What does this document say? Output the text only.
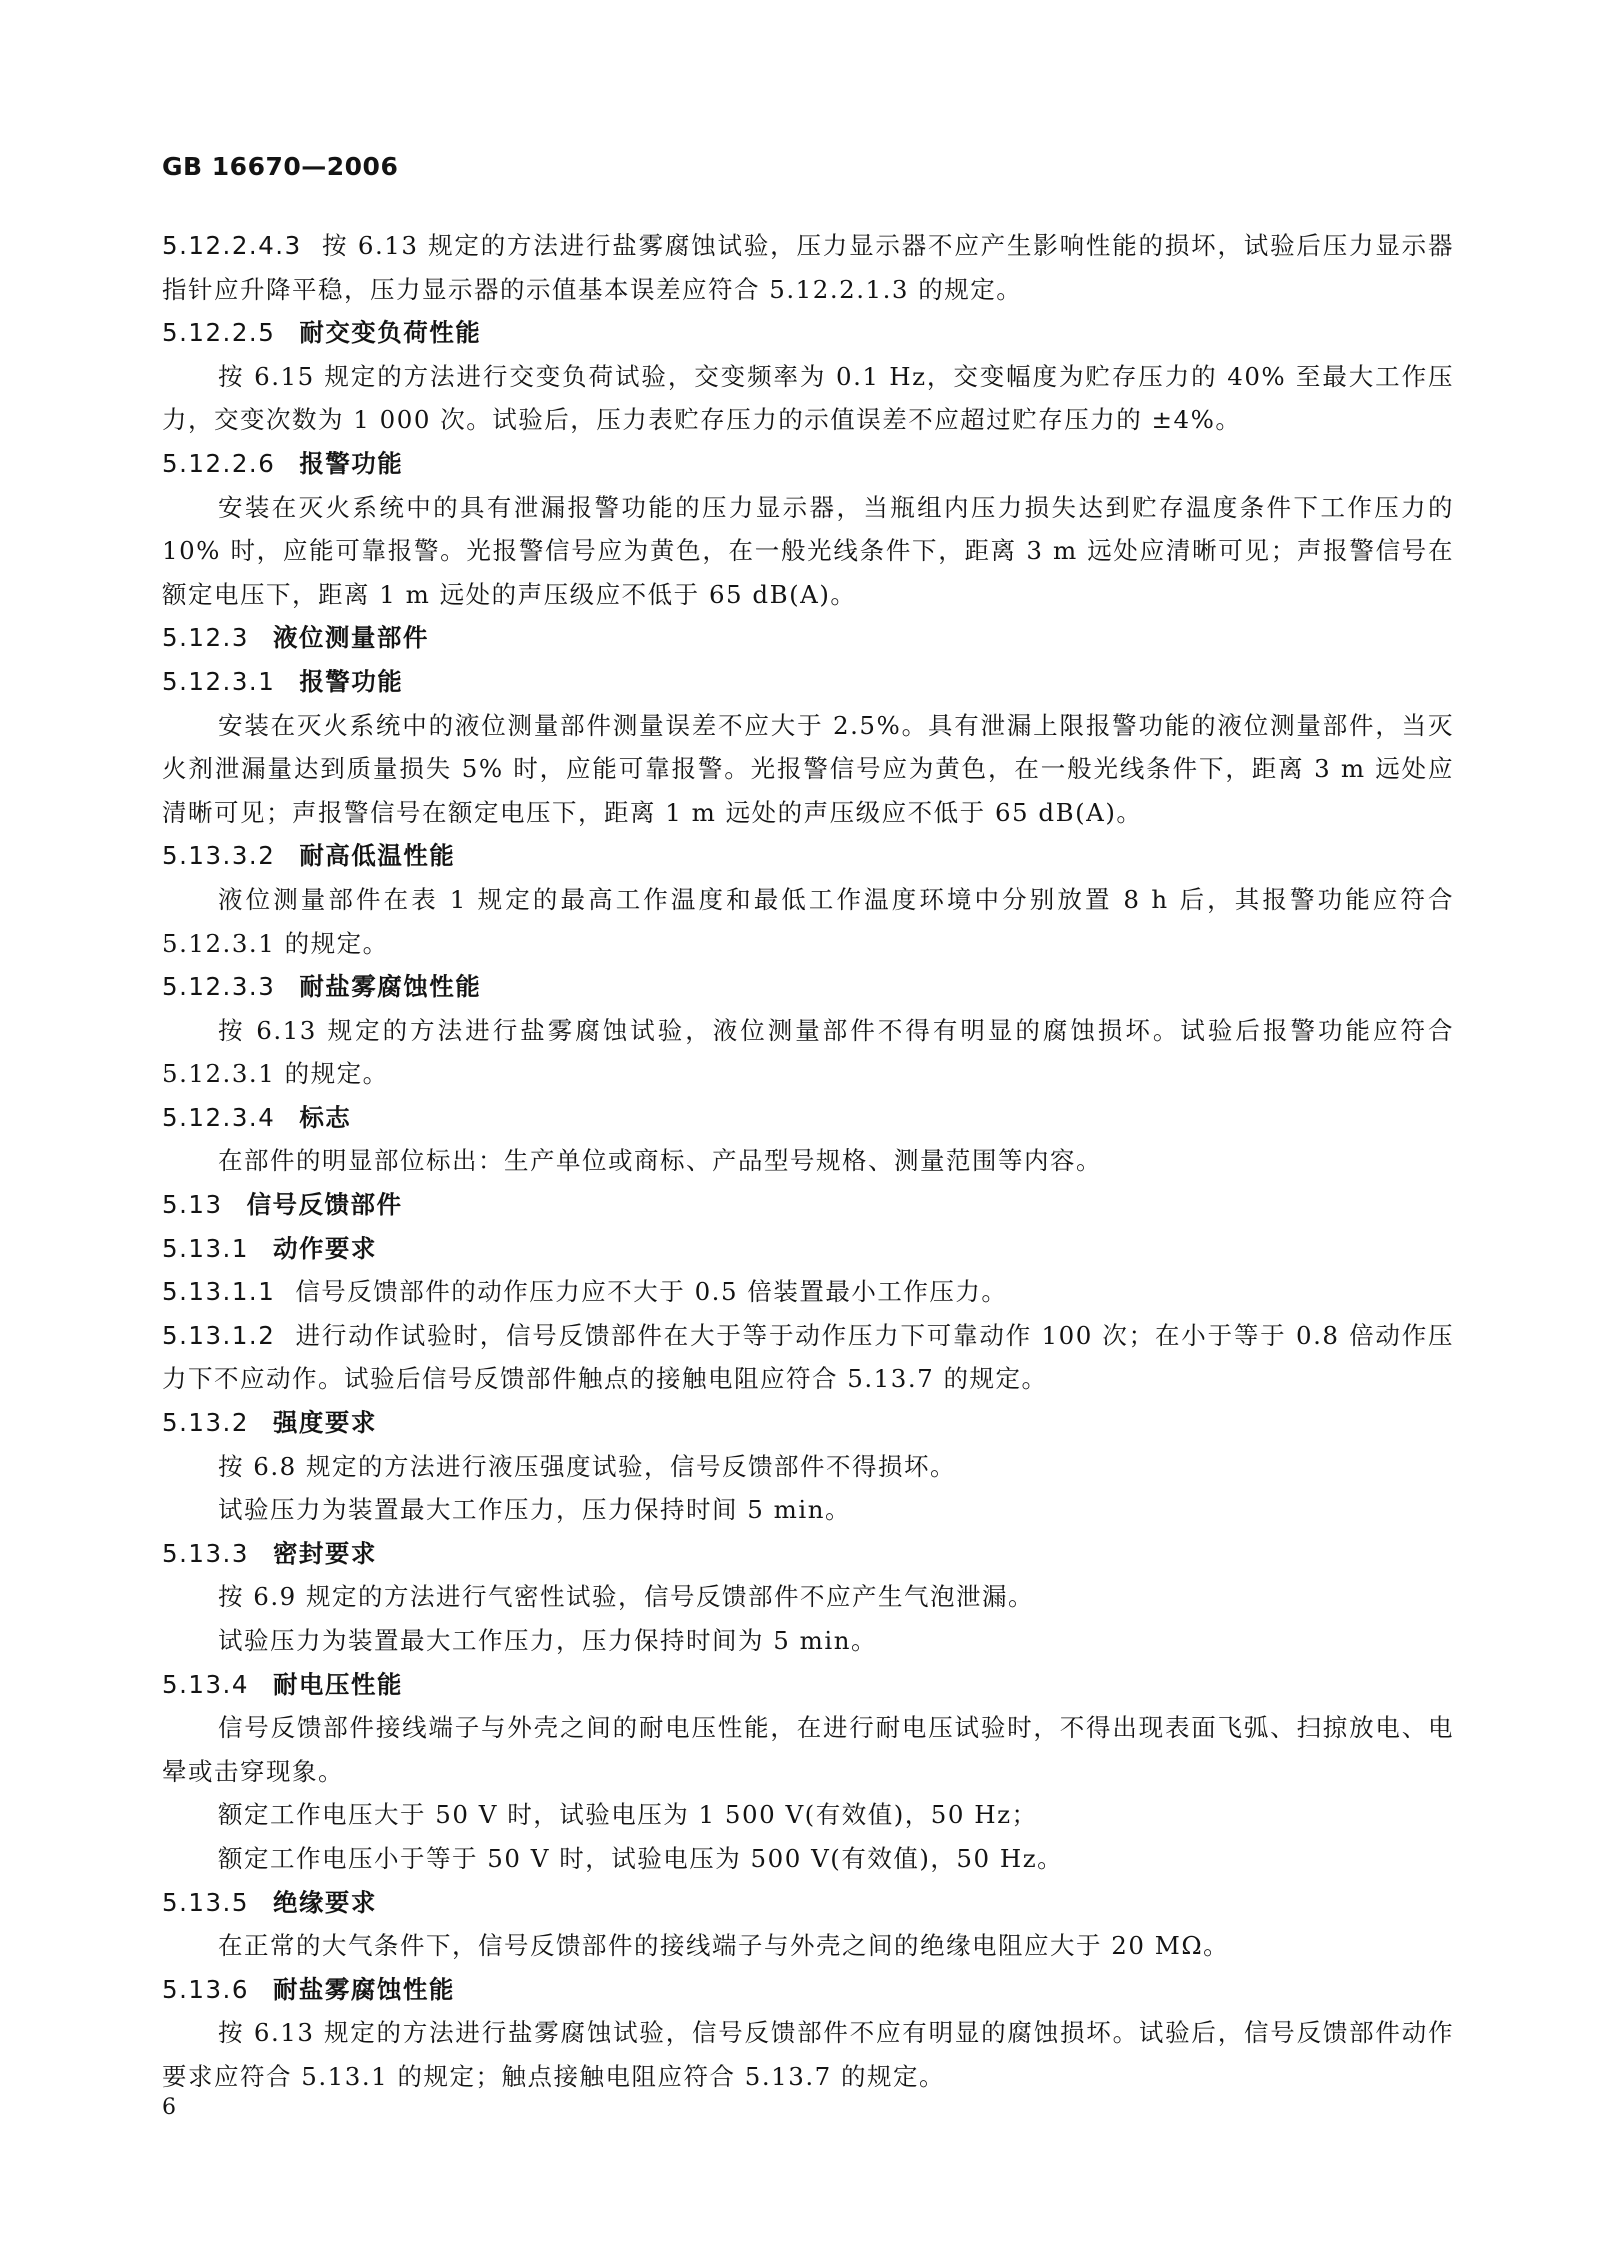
GB 16670—2006
5.12.2.4.3 按 6.13 规定的方法进行盐雾腐蚀试验，压力显示器不应产生影响性能的损坏，试验后压力显示器指针应升降平稳，压力显示器的示值基本误差应符合 5.12.2.1.3 的规定。
5.12.2.5 耐交变负荷性能
按 6.15 规定的方法进行交变负荷试验，交变频率为 0.1 Hz，交变幅度为贮存压力的 40% 至最大工作压力，交变次数为 1 000 次。试验后，压力表贮存压力的示值误差不应超过贮存压力的 ±4%。
5.12.2.6 报警功能
安装在灭火系统中的具有泄漏报警功能的压力显示器，当瓶组内压力损失达到贮存温度条件下工作压力的 10% 时，应能可靠报警。光报警信号应为黄色，在一般光线条件下，距离 3 m 远处应清晰可见；声报警信号在额定电压下，距离 1 m 远处的声压级应不低于 65 dB(A)。
5.12.3 液位测量部件
5.12.3.1 报警功能
安装在灭火系统中的液位测量部件测量误差不应大于 2.5%。具有泄漏上限报警功能的液位测量部件，当灭火剂泄漏量达到质量损失 5% 时，应能可靠报警。光报警信号应为黄色，在一般光线条件下，距离 3 m 远处应清晰可见；声报警信号在额定电压下，距离 1 m 远处的声压级应不低于 65 dB(A)。
5.13.3.2 耐高低温性能
液位测量部件在表 1 规定的最高工作温度和最低工作温度环境中分别放置 8 h 后，其报警功能应符合 5.12.3.1 的规定。
5.12.3.3 耐盐雾腐蚀性能
按 6.13 规定的方法进行盐雾腐蚀试验，液位测量部件不得有明显的腐蚀损坏。试验后报警功能应符合 5.12.3.1 的规定。
5.12.3.4 标志
在部件的明显部位标出：生产单位或商标、产品型号规格、测量范围等内容。
5.13 信号反馈部件
5.13.1 动作要求
5.13.1.1 信号反馈部件的动作压力应不大于 0.5 倍装置最小工作压力。
5.13.1.2 进行动作试验时，信号反馈部件在大于等于动作压力下可靠动作 100 次；在小于等于 0.8 倍动作压力下不应动作。试验后信号反馈部件触点的接触电阻应符合 5.13.7 的规定。
5.13.2 强度要求
按 6.8 规定的方法进行液压强度试验，信号反馈部件不得损坏。
试验压力为装置最大工作压力，压力保持时间 5 min。
5.13.3 密封要求
按 6.9 规定的方法进行气密性试验，信号反馈部件不应产生气泡泄漏。
试验压力为装置最大工作压力，压力保持时间为 5 min。
5.13.4 耐电压性能
信号反馈部件接线端子与外壳之间的耐电压性能，在进行耐电压试验时，不得出现表面飞弧、扫掠放电、电晕或击穿现象。
额定工作电压大于 50 V 时，试验电压为 1 500 V(有效值)，50 Hz；
额定工作电压小于等于 50 V 时，试验电压为 500 V(有效值)，50 Hz。
5.13.5 绝缘要求
在正常的大气条件下，信号反馈部件的接线端子与外壳之间的绝缘电阻应大于 20 MΩ。
5.13.6 耐盐雾腐蚀性能
按 6.13 规定的方法进行盐雾腐蚀试验，信号反馈部件不应有明显的腐蚀损坏。试验后，信号反馈部件动作要求应符合 5.13.1 的规定；触点接触电阻应符合 5.13.7 的规定。
6
